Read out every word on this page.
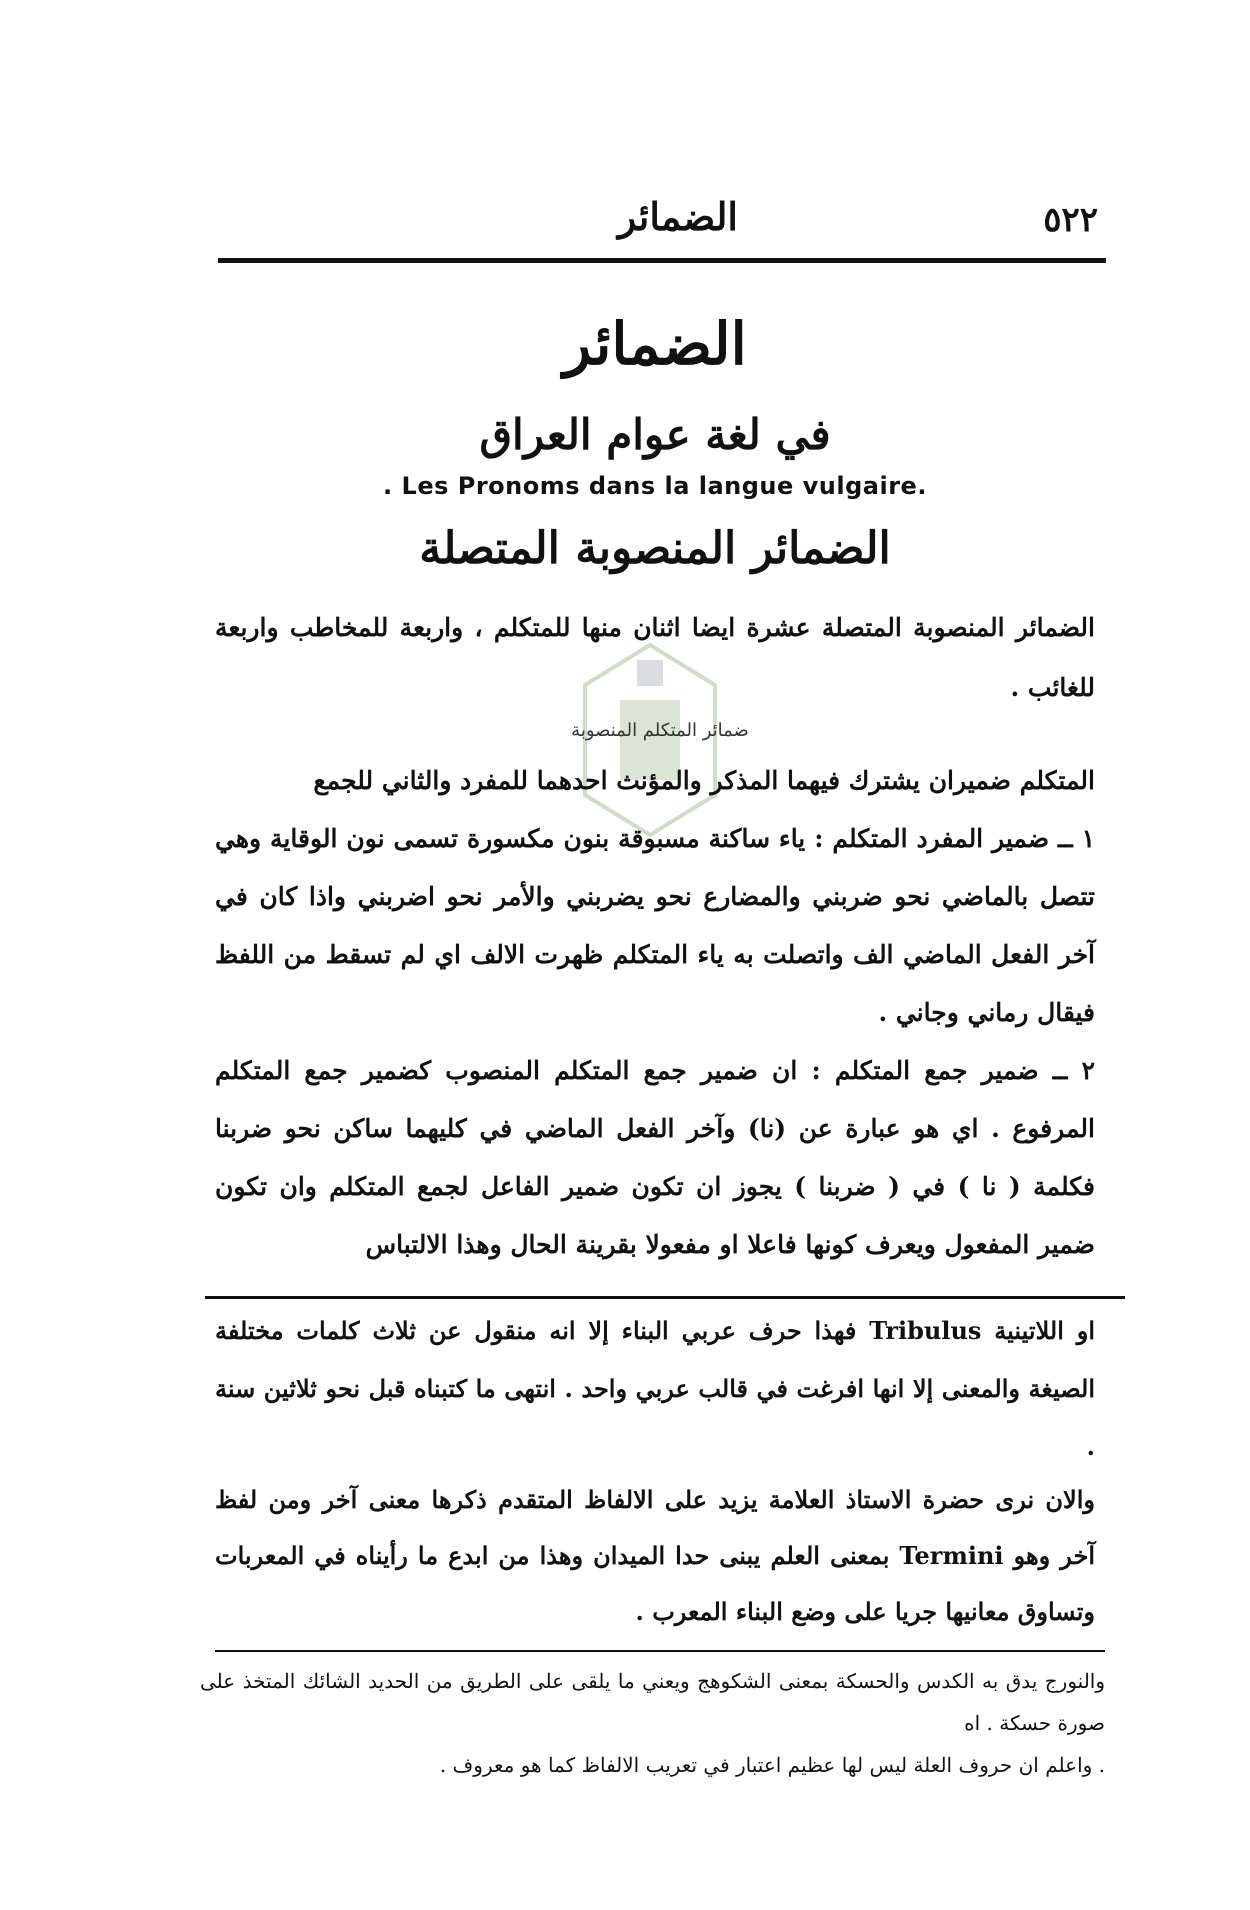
٥٢٢
الضمائر
الضمائر
في لغة عوام العراق
. Les Pronoms dans la langue vulgaire.
الضمائر المنصوبة المتصلة

الضمائر المنصوبة المتصلة عشرة ايضا اثنان منها للمتكلم ، واربعة للمخاطب واربعة للغائب .

ضمائر المتكلم المنصوبة

المتكلم ضميران يشترك فيهما المذكر والمؤنث احدهما للمفرد والثاني للجمع

١ ــ ضمير المفرد المتكلم : ياء ساكنة مسبوقة بنون مكسورة تسمى نون الوقاية وهي تتصل بالماضي نحو ضربني والمضارع نحو يضربني والأمر نحو اضربني واذا كان في آخر الفعل الماضي الف واتصلت به ياء المتكلم ظهرت الالف اي لم تسقط من اللفظ فيقال رماني وجاني .

٢ ــ ضمير جمع المتكلم : ان ضمير جمع المتكلم المنصوب كضمير جمع المتكلم المرفوع . اي هو عبارة عن (نا) وآخر الفعل الماضي في كليهما ساكن نحو ضربنا فكلمة ( نا ) في ( ضربنا ) يجوز ان تكون ضمير الفاعل لجمع المتكلم وان تكون ضمير المفعول ويعرف كونها فاعلا او مفعولا بقرينة الحال وهذا الالتباس

او اللاتينية Tribulus فهذا حرف عربي البناء إلا انه منقول عن ثلاث كلمات مختلفة الصيغة والمعنى إلا انها افرغت في قالب عربي واحد . انتهى ما كتبناه قبل نحو ثلاثين سنة .

والان نرى حضرة الاستاذ العلامة يزيد على الالفاظ المتقدم ذكرها معنى آخر ومن لفظ آخر وهو Termini بمعنى العلم يبنى حدا الميدان وهذا من ابدع ما رأيناه في المعربات وتساوق معانيها جريا على وضع البناء المعرب .

والنورج يدق به الكدس والحسكة بمعنى الشكوهج ويعني ما يلقى على الطريق من الحديد الشائك المتخذ على صورة حسكة . اه

. واعلم ان حروف العلة ليس لها عظيم اعتبار في تعريب الالفاظ كما هو معروف .
